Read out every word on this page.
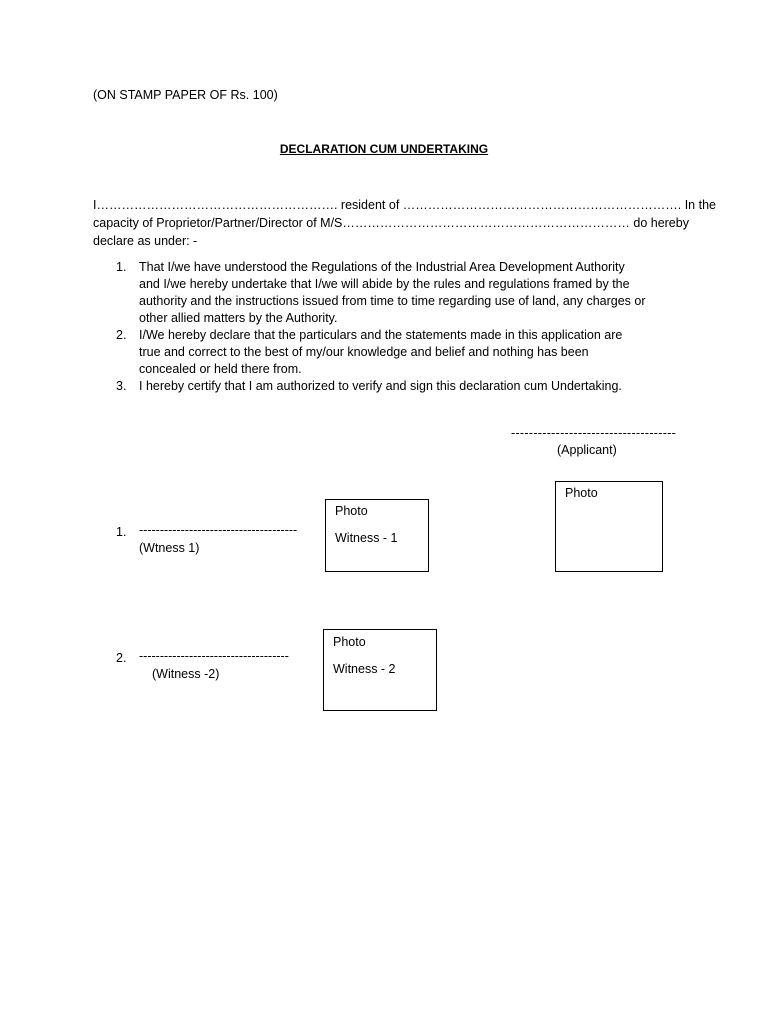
(ON STAMP PAPER OF Rs. 100)
DECLARATION CUM UNDERTAKING
I…………………………………………………. resident of …………………………………………………………. In the
capacity of Proprietor/Partner/Director of M/S…………………………………………………………… do hereby
declare as under: -
1. That I/we have understood the Regulations of the Industrial Area Development Authority
and I/we hereby undertake that I/we will abide by the rules and regulations framed by the
authority and the instructions issued from time to time regarding use of land, any charges or
other allied matters by the Authority.
2. I/We hereby declare that the particulars and the statements made in this application are
true and correct to the best of my/our knowledge and belief and nothing has been
concealed or held there from.
3. I hereby certify that I am authorized to verify and sign this declaration cum Undertaking.
-------------------------------------
(Applicant)
Photo
1. --------------------------------------
(Wtness 1)
Photo
Witness - 1
2. ------------------------------------
(Witness -2)
Photo
Witness - 2
